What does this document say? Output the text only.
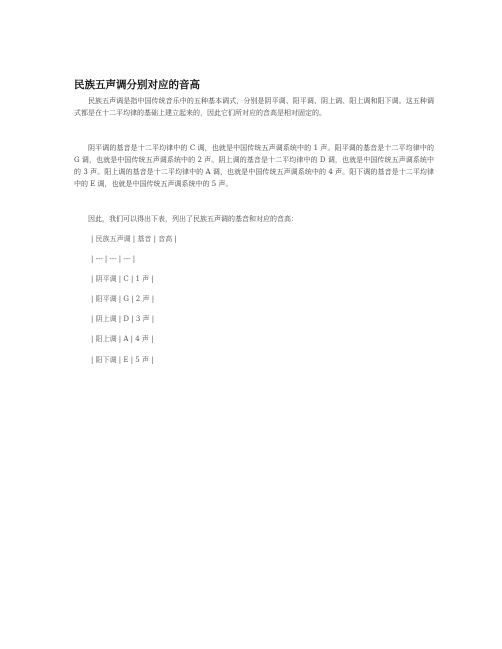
民族五声调分别对应的音高

民族五声调是指中国传统音乐中的五种基本调式，分别是阴平调、阳平调、阴上调、阳上调和阳下调。这五种调式都是在十二平均律的基础上建立起来的，因此它们所对应的音高是相对固定的。

阴平调的基音是十二平均律中的 C 调，也就是中国传统五声调系统中的 1 声。阳平调的基音是十二平均律中的 G 调，也就是中国传统五声调系统中的 2 声。阴上调的基音是十二平均律中的 D 调，也就是中国传统五声调系统中的 3 声。阳上调的基音是十二平均律中的 A 调，也就是中国传统五声调系统中的 4 声。阳下调的基音是十二平均律中的 E 调，也就是中国传统五声调系统中的 5 声。

因此，我们可以得出下表，列出了民族五声调的基音和对应的音高：

| 民族五声调 | 基音 | 音高 |

| --- | --- | --- |

| 阴平调 | C | 1 声 |

| 阳平调 | G | 2 声 |

| 阴上调 | D | 3 声 |

| 阳上调 | A | 4 声 |

| 阳下调 | E | 5 声 |
